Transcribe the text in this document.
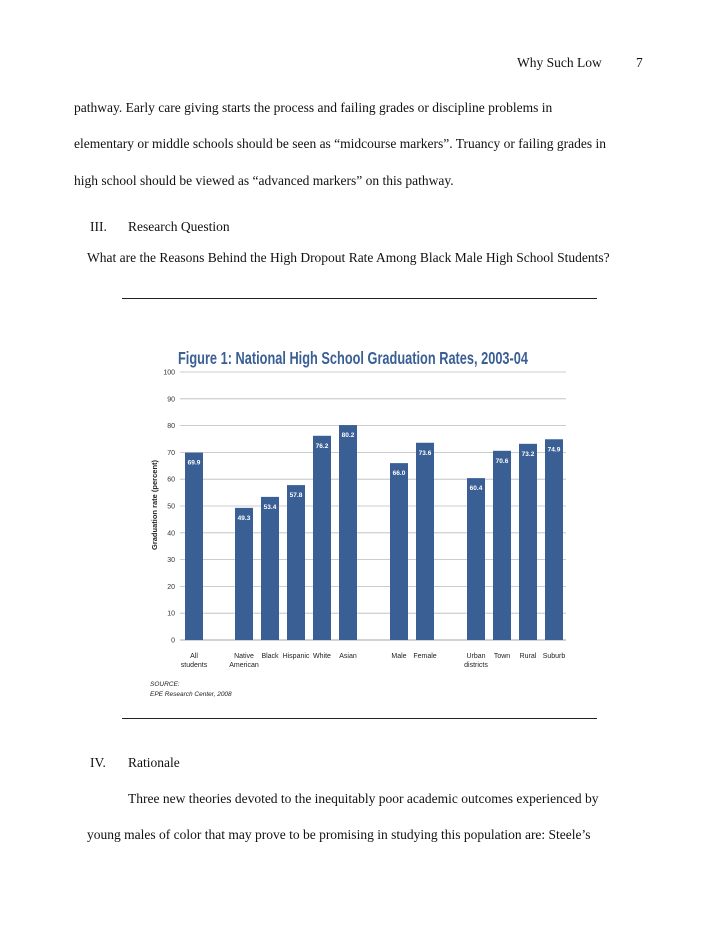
Why Such Low	7
pathway. Early care giving starts the process and failing grades or discipline problems in
elementary or middle schools should be seen as “midcourse markers”. Truancy or failing grades in
high school should be viewed as “advanced markers” on this pathway.
III. Research Question
What are the Reasons Behind the High Dropout Rate Among Black Male High School Students?
Figure 1: National High School Graduation Rates, 2003-04
Graduation rate (percent)
0
10
20
30
40
50
60
70
80
90
100
69.9
All
students
49.3
Native
American
53.4
Black
57.8
Hispanic
76.2
White
80.2
Asian
66.0
Male
73.6
Female
60.4
Urban
districts
70.6
Town
73.2
Rural
74.9
Suburb
SOURCE:
EPE Research Center, 2008
IV. Rationale
Three new theories devoted to the inequitably poor academic outcomes experienced by
young males of color that may prove to be promising in studying this population are: Steele’s
